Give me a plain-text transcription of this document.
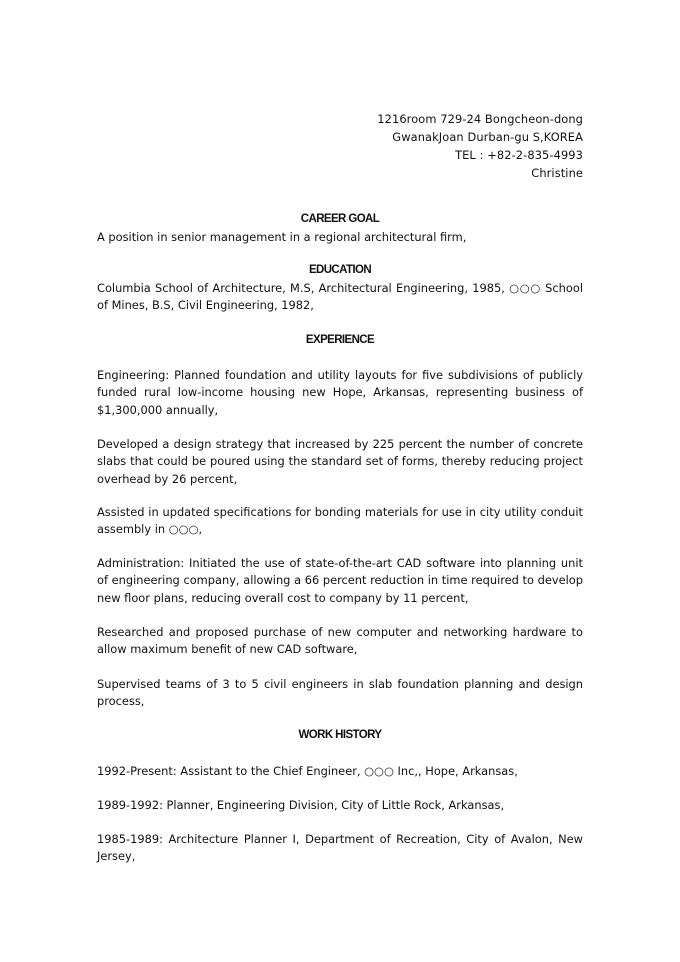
1216room 729-24 Bongcheon-dong
GwanakJoan Durban-gu S,KOREA
TEL : +82-2-835-4993
Christine
CAREER GOAL
A position in senior management in a regional architectural firm,
EDUCATION
Columbia School of Architecture, M.S, Architectural Engineering, 1985, ○○○ School of Mines, B.S, Civil Engineering, 1982,
EXPERIENCE
Engineering: Planned foundation and utility layouts for five subdivisions of publicly funded rural low-income housing new Hope, Arkansas, representing business of $1,300,000 annually,
Developed a design strategy that increased by 225 percent the number of concrete slabs that could be poured using the standard set of forms, thereby reducing project overhead by 26 percent,
Assisted in updated specifications for bonding materials for use in city utility conduit assembly in ○○○,
Administration: Initiated the use of state-of-the-art CAD software into planning unit of engineering company, allowing a 66 percent reduction in time required to develop new floor plans, reducing overall cost to company by 11 percent,
Researched and proposed purchase of new computer and networking hardware to allow maximum benefit of new CAD software,
Supervised teams of 3 to 5 civil engineers in slab foundation planning and design process,
WORK HISTORY
1992-Present: Assistant to the Chief Engineer, ○○○ Inc,, Hope, Arkansas,
1989-1992: Planner, Engineering Division, City of Little Rock, Arkansas,
1985-1989: Architecture Planner I, Department of Recreation, City of Avalon, New Jersey,
